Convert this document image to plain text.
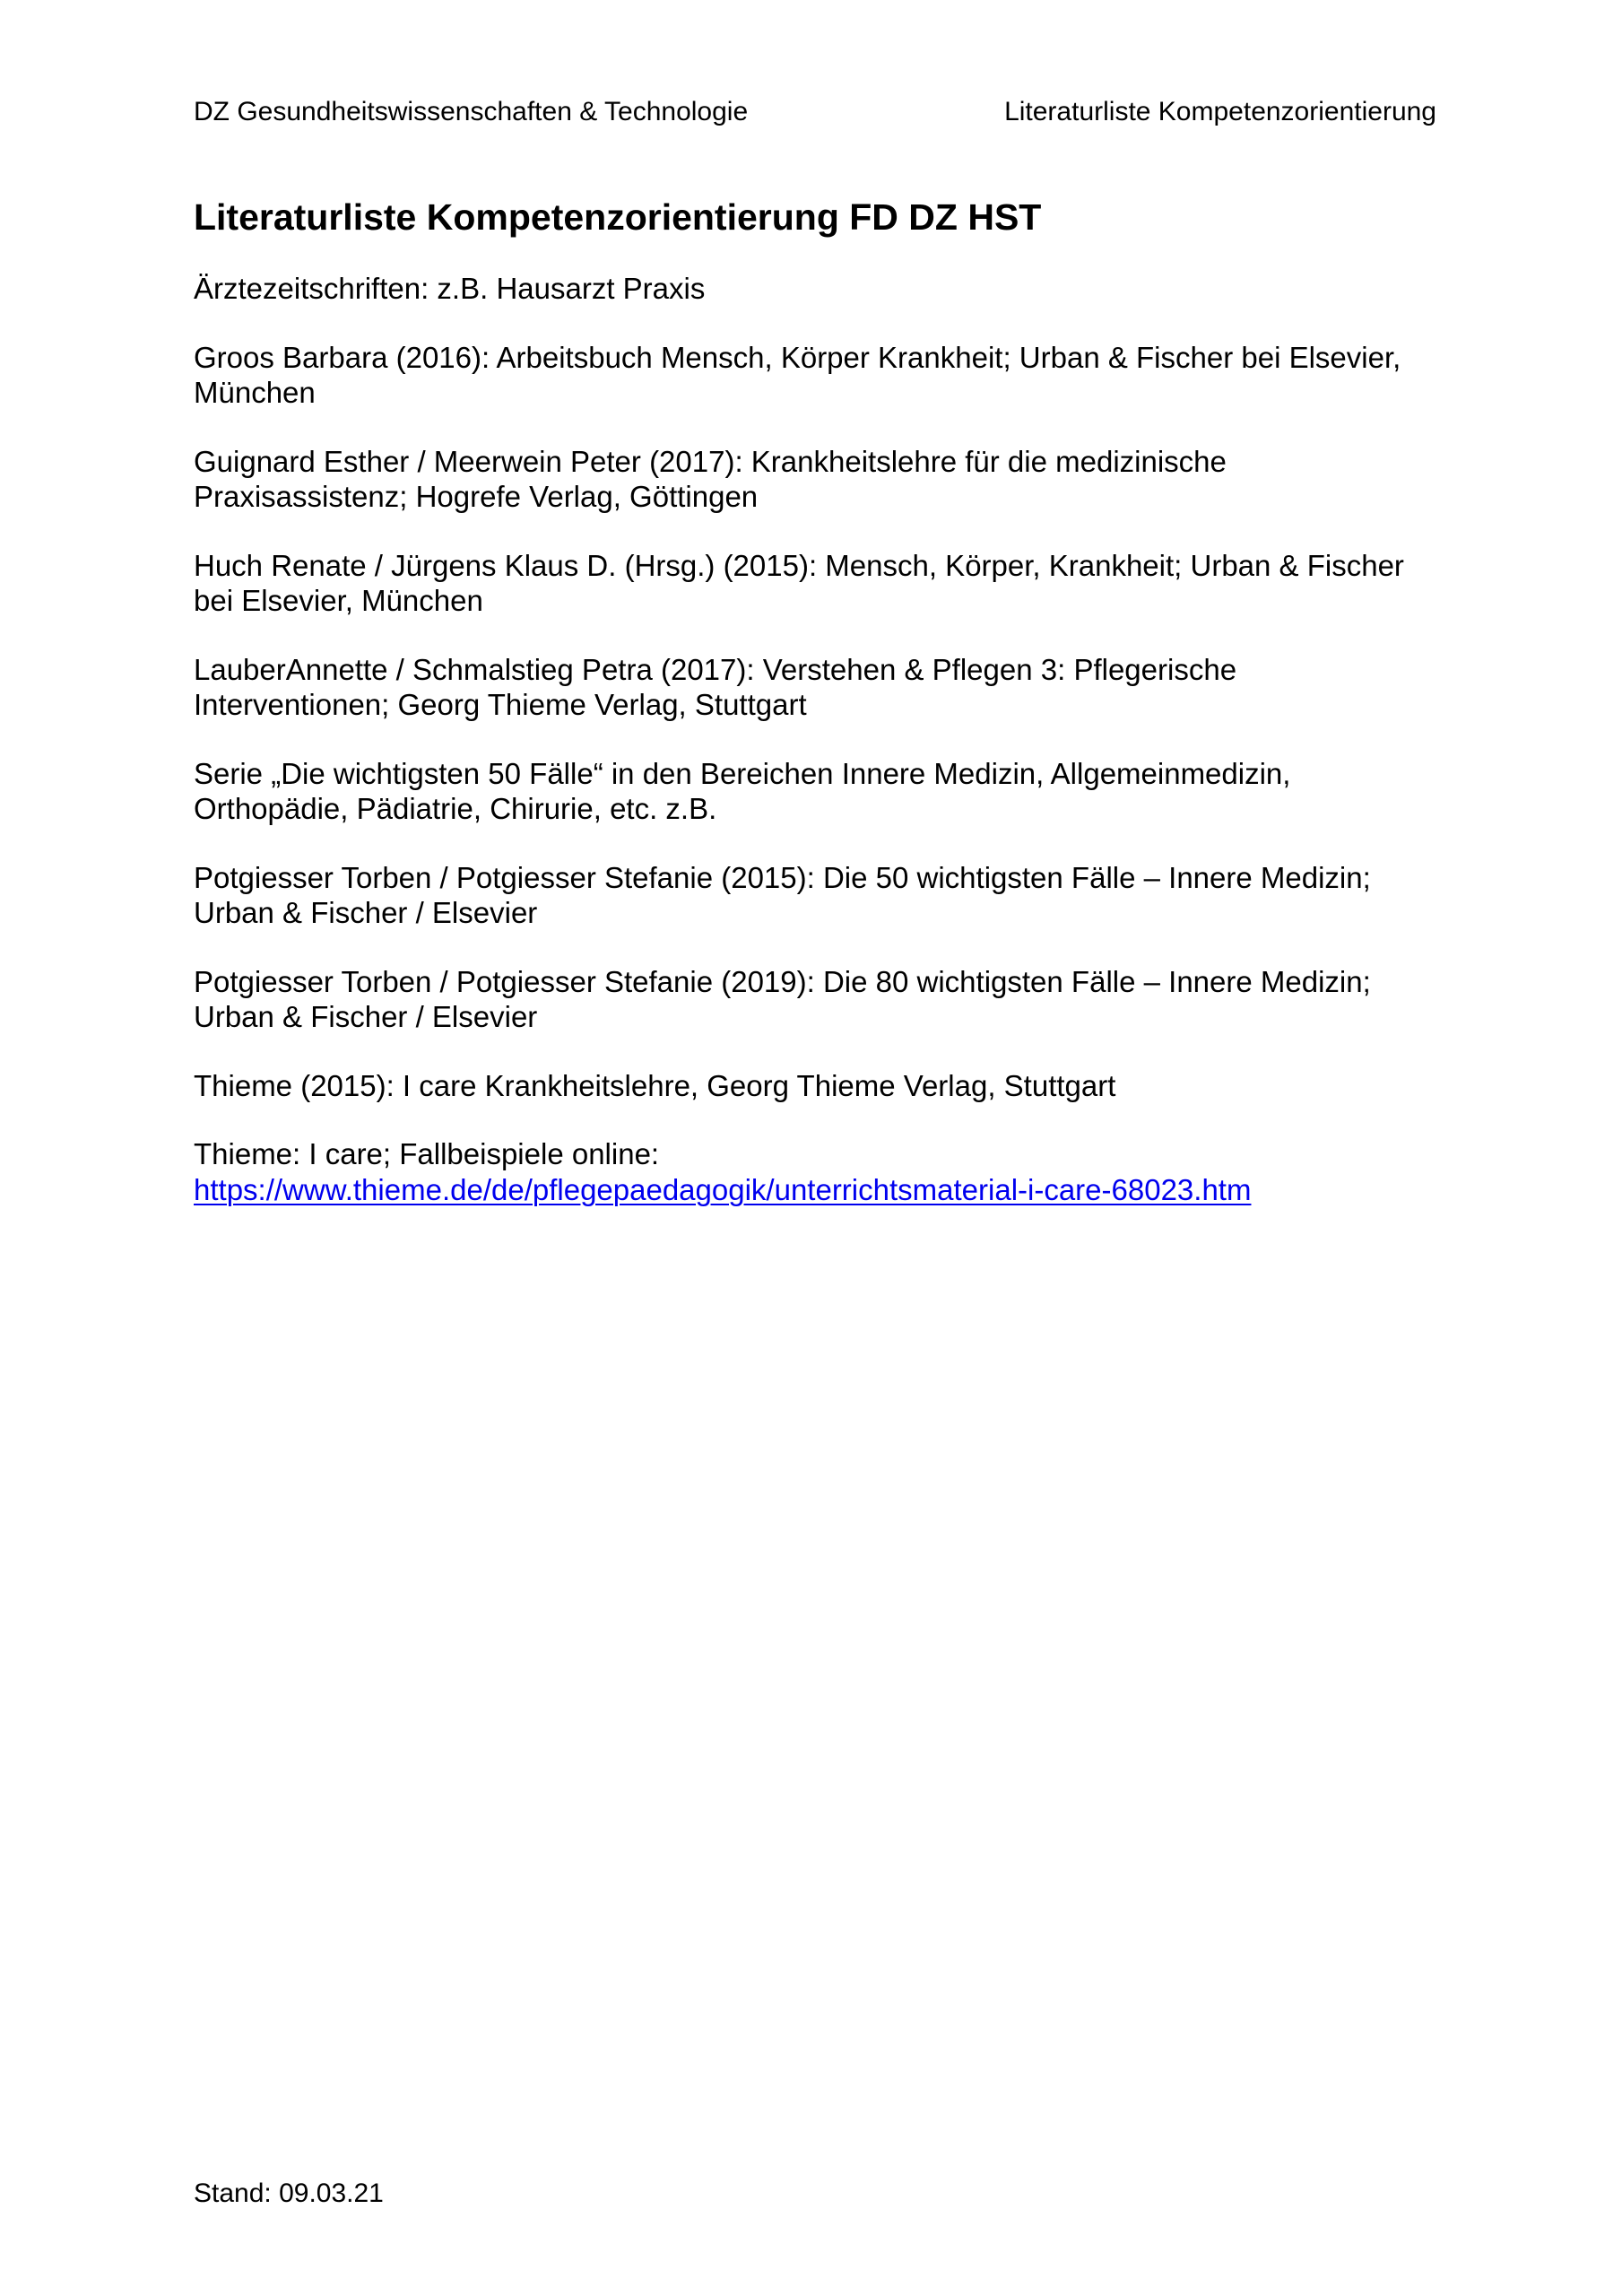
DZ Gesundheitswissenschaften & Technologie	Literaturliste Kompetenzorientierung
Literaturliste Kompetenzorientierung FD DZ HST

Ärztezeitschriften: z.B. Hausarzt Praxis

Groos Barbara (2016): Arbeitsbuch Mensch, Körper Krankheit; Urban & Fischer bei Elsevier,
München

Guignard Esther / Meerwein Peter (2017): Krankheitslehre für die medizinische
Praxisassistenz; Hogrefe Verlag, Göttingen

Huch Renate / Jürgens Klaus D. (Hrsg.) (2015): Mensch, Körper, Krankheit; Urban & Fischer
bei Elsevier, München

LauberAnnette / Schmalstieg Petra (2017): Verstehen & Pflegen 3: Pflegerische
Interventionen; Georg Thieme Verlag, Stuttgart

Serie „Die wichtigsten 50 Fälle“ in den Bereichen Innere Medizin, Allgemeinmedizin,
Orthopädie, Pädiatrie, Chirurie, etc. z.B.

Potgiesser Torben / Potgiesser Stefanie (2015): Die 50 wichtigsten Fälle – Innere Medizin;
Urban & Fischer / Elsevier

Potgiesser Torben / Potgiesser Stefanie (2019): Die 80 wichtigsten Fälle – Innere Medizin;
Urban & Fischer / Elsevier

Thieme (2015): I care Krankheitslehre, Georg Thieme Verlag, Stuttgart

Thieme: I care; Fallbeispiele online:
https://www.thieme.de/de/pflegepaedagogik/unterrichtsmaterial-i-care-68023.htm

Stand: 09.03.21
